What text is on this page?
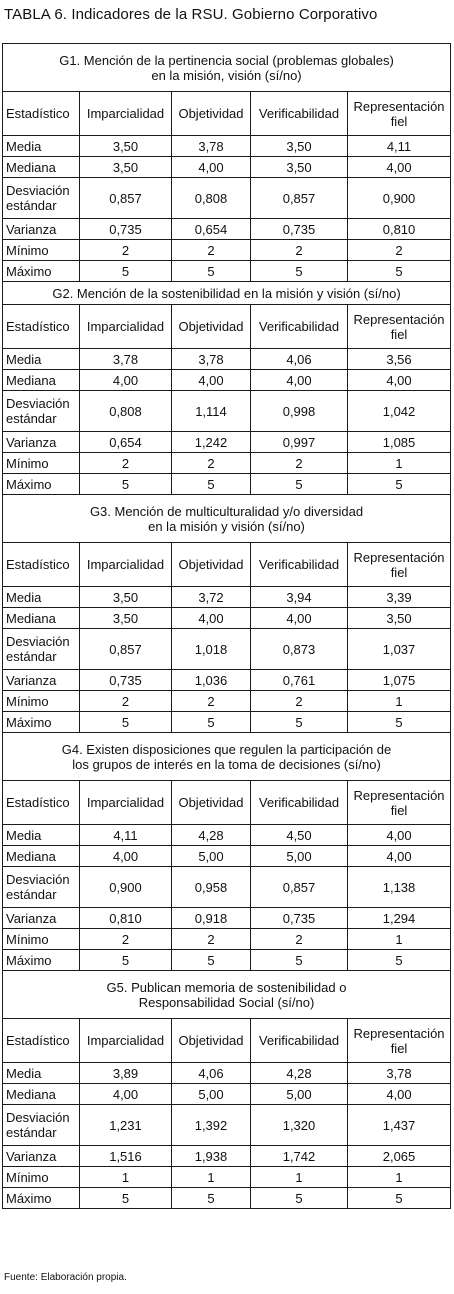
TABLA 6. Indicadores de la RSU. Gobierno Corporativo
G1. Mención de la pertinencia social (problemas globales)
en la misión, visión (sí/no)				
Estadístico	Imparcialidad	Objetividad	Verificabilidad	Representación fiel
Media	3,50	3,78	3,50	4,11
Mediana	3,50	4,00	3,50	4,00
Desviación estándar	0,857	0,808	0,857	0,900
Varianza	0,735	0,654	0,735	0,810
Mínimo	2	2	2	2
Máximo	5	5	5	5
G2. Mención de la sostenibilidad en la misión y visión (sí/no)				
Estadístico	Imparcialidad	Objetividad	Verificabilidad	Representación fiel
Media	3,78	3,78	4,06	3,56
Mediana	4,00	4,00	4,00	4,00
Desviación estándar	0,808	1,114	0,998	1,042
Varianza	0,654	1,242	0,997	1,085
Mínimo	2	2	2	1
Máximo	5	5	5	5
G3. Mención de multiculturalidad y/o diversidad
en la misión y visión (sí/no)				
Estadístico	Imparcialidad	Objetividad	Verificabilidad	Representación fiel
Media	3,50	3,72	3,94	3,39
Mediana	3,50	4,00	4,00	3,50
Desviación estándar	0,857	1,018	0,873	1,037
Varianza	0,735	1,036	0,761	1,075
Mínimo	2	2	2	1
Máximo	5	5	5	5
G4. Existen disposiciones que regulen la participación de
los grupos de interés en la toma de decisiones (sí/no)				
Estadístico	Imparcialidad	Objetividad	Verificabilidad	Representación fiel
Media	4,11	4,28	4,50	4,00
Mediana	4,00	5,00	5,00	4,00
Desviación estándar	0,900	0,958	0,857	1,138
Varianza	0,810	0,918	0,735	1,294
Mínimo	2	2	2	1
Máximo	5	5	5	5
G5. Publican memoria de sostenibilidad o
Responsabilidad Social (sí/no)				
Estadístico	Imparcialidad	Objetividad	Verificabilidad	Representación fiel
Media	3,89	4,06	4,28	3,78
Mediana	4,00	5,00	5,00	4,00
Desviación estándar	1,231	1,392	1,320	1,437
Varianza	1,516	1,938	1,742	2,065
Mínimo	1	1	1	1
Máximo	5	5	5	5
Fuente: Elaboración propia.
